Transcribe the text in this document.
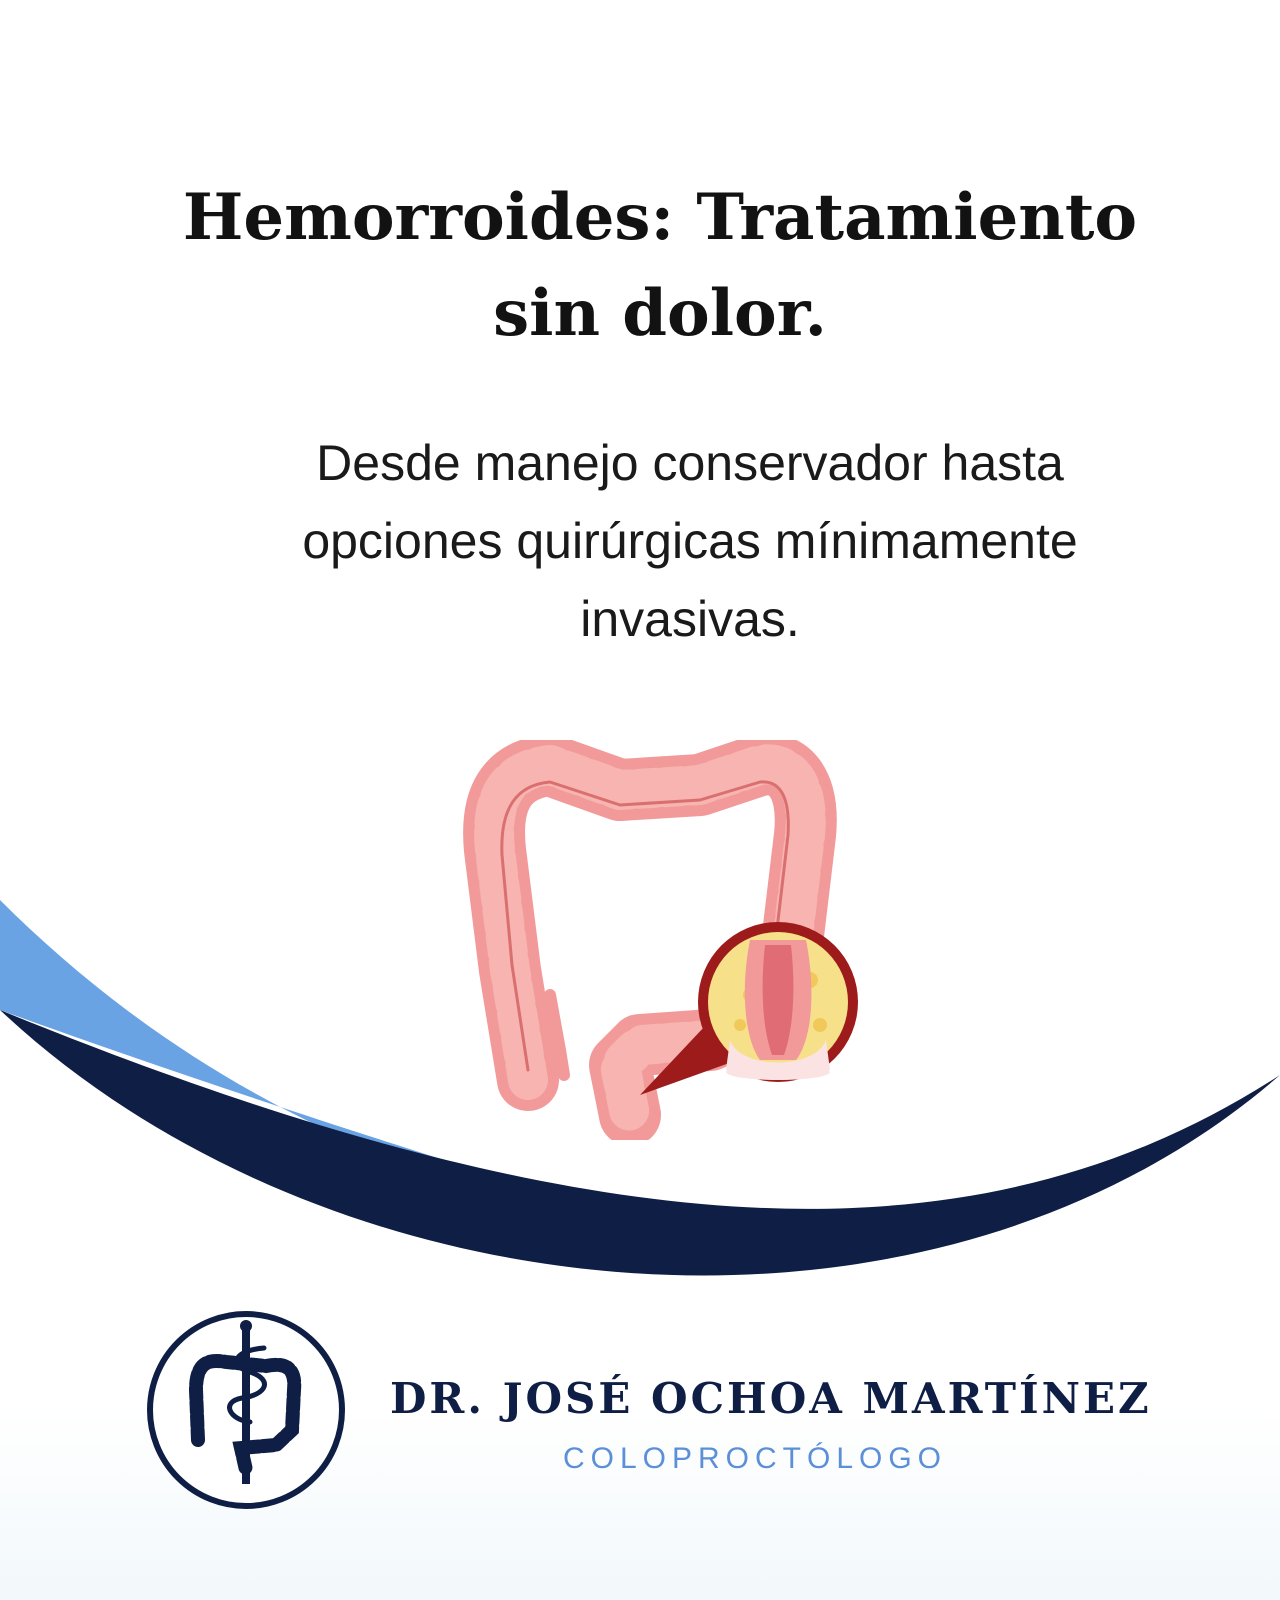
Hemorroides: Tratamiento sin dolor.

Desde manejo conservador hasta opciones quirúrgicas mínimamente invasivas.

DR. JOSÉ OCHOA MARTÍNEZ
COLOPROCTÓLOGO
